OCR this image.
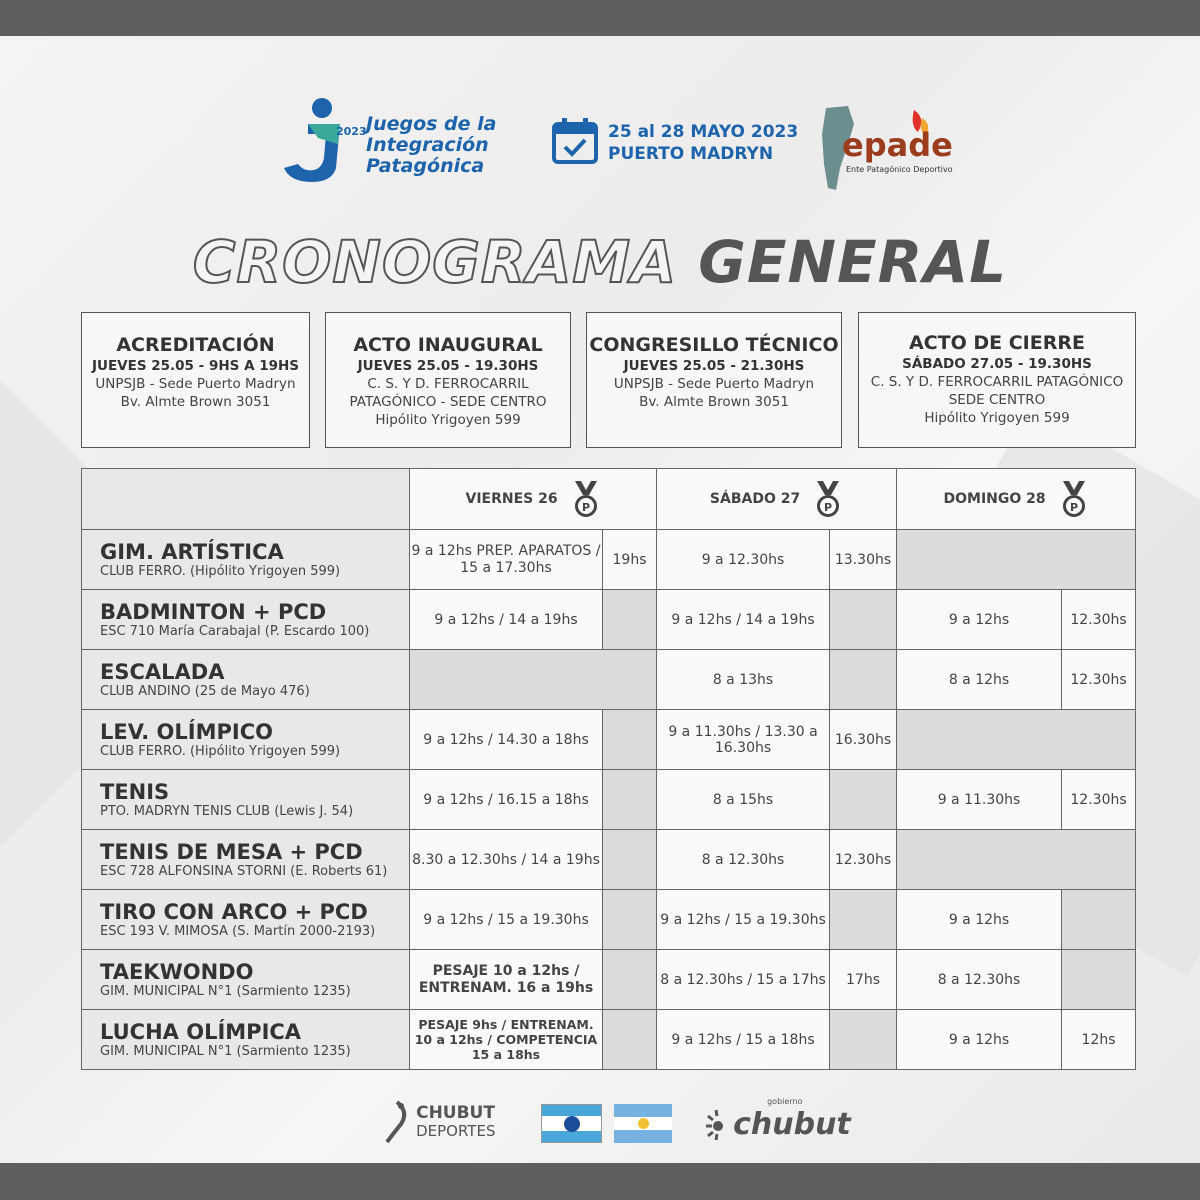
2023 Juegos de la
Integración
Patagónica
25 al 28 MAYO 2023
PUERTO MADRYN	epade
Ente Patagónico Deportivo
CRONOGRAMA GENERAL
ACREDITACIÓN
JUEVES 25.05 - 9HS A 19HS
UNPSJB - Sede Puerto Madryn
Bv. Almte Brown 3051
ACTO INAUGURAL
JUEVES 25.05 - 19.30HS
C. S. Y D. FERROCARRIL
PATAGÓNICO - SEDE CENTRO
Hipólito Yrigoyen 599
CONGRESILLO TÉCNICO
JUEVES 25.05 - 21.30HS
UNPSJB - Sede Puerto Madryn
Bv. Almte Brown 3051
ACTO DE CIERRE
SÁBADO 27.05 - 19.30HS
C. S. Y D. FERROCARRIL PATAGÓNICO
SEDE CENTRO
Hipólito Yrigoyen 599
	VIERNES 26
P		SÁBADO 27
P		DOMINGO 28
P	

GIM. ARTÍSTICA
CLUB FERRO. (Hipólito Yrigoyen 599)	9 a 12hs PREP. APARATOS / 15 a 17.30hs	19hs	9 a 12.30hs	13.30hs		

BADMINTON + PCD
ESC 710 María Carabajal (P. Escardo 100)	9 a 12hs / 14 a 19hs		9 a 12hs / 14 a 19hs		9 a 12hs	12.30hs

ESCALADA
CLUB ANDINO (25 de Mayo 476)			8 a 13hs		8 a 12hs	12.30hs

LEV. OLÍMPICO
CLUB FERRO. (Hipólito Yrigoyen 599)	9 a 12hs / 14.30 a 18hs		9 a 11.30hs / 13.30 a 16.30hs	16.30hs		

TENIS
PTO. MADRYN TENIS CLUB (Lewis J. 54)	9 a 12hs / 16.15 a 18hs		8 a 15hs		9 a 11.30hs	12.30hs

TENIS DE MESA + PCD
ESC 728 ALFONSINA STORNI (E. Roberts 61)	8.30 a 12.30hs / 14 a 19hs		8 a 12.30hs	12.30hs		

TIRO CON ARCO + PCD
ESC 193 V. MIMOSA (S. Martín 2000-2193)	9 a 12hs / 15 a 19.30hs		9 a 12hs / 15 a 19.30hs		9 a 12hs	

TAEKWONDO
GIM. MUNICIPAL N°1 (Sarmiento 1235)	PESAJE 10 a 12hs / ENTRENAM. 16 a 19hs		8 a 12.30hs / 15 a 17hs	17hs	8 a 12.30hs	

LUCHA OLÍMPICA
GIM. MUNICIPAL N°1 (Sarmiento 1235)	PESAJE 9hs / ENTRENAM. 10 a 12hs / COMPETENCIA 15 a 18hs		9 a 12hs / 15 a 18hs		9 a 12hs	12hs

CHUBUT
DEPORTES

gobierno
chubut
